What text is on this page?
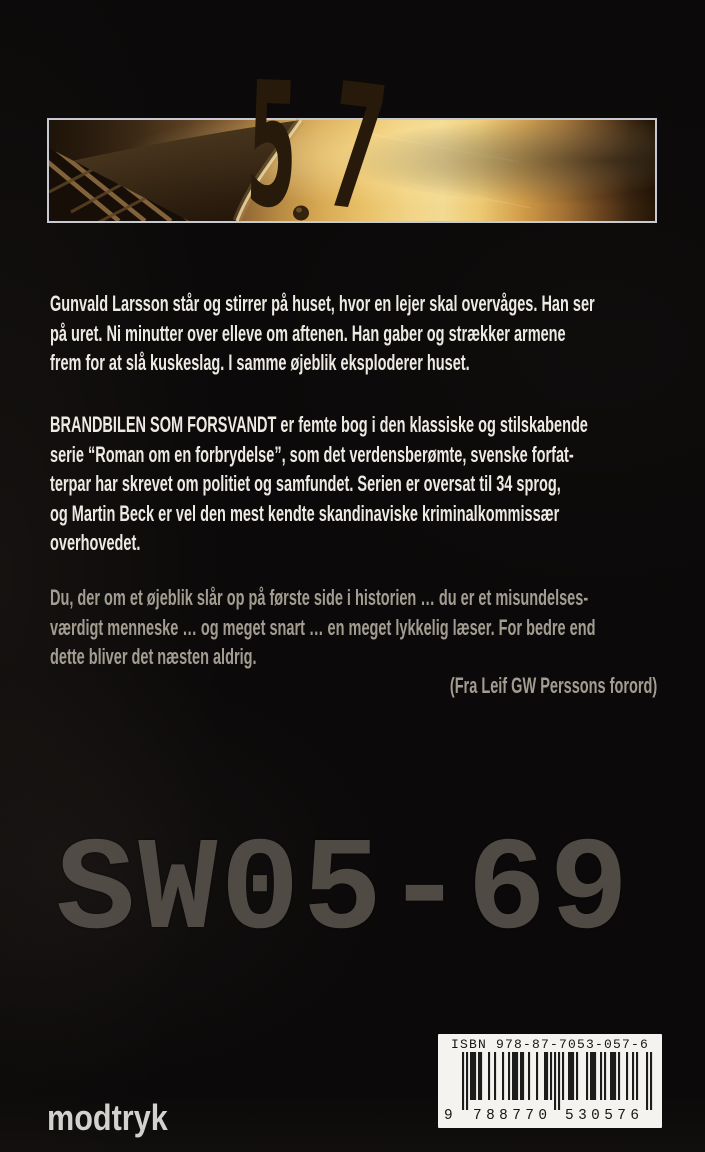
Gunvald Larsson står og stirrer på huset, hvor en lejer skal overvåges. Han ser
på uret. Ni minutter over elleve om aftenen. Han gaber og strækker armene
frem for at slå kuskeslag. I samme øjeblik eksploderer huset.
BRANDBILEN SOM FORSVANDT er femte bog i den klassiske og stilskabende
serie “Roman om en forbrydelse”, som det verdensberømte, svenske forfat-
terpar har skrevet om politiet og samfundet. Serien er oversat til 34 sprog,
og Martin Beck er vel den mest kendte skandinaviske kriminalkommissær
overhovedet.
Du, der om et øjeblik slår op på første side i historien … du er et misundelses-
værdigt menneske … og meget snart … en meget lykkelig læser. For bedre end
dette bliver det næsten aldrig.
(Fra Leif GW Perssons forord)
SW05-69
modtryk
ISBN 978-87-7053-057-6
9	788770	530576
